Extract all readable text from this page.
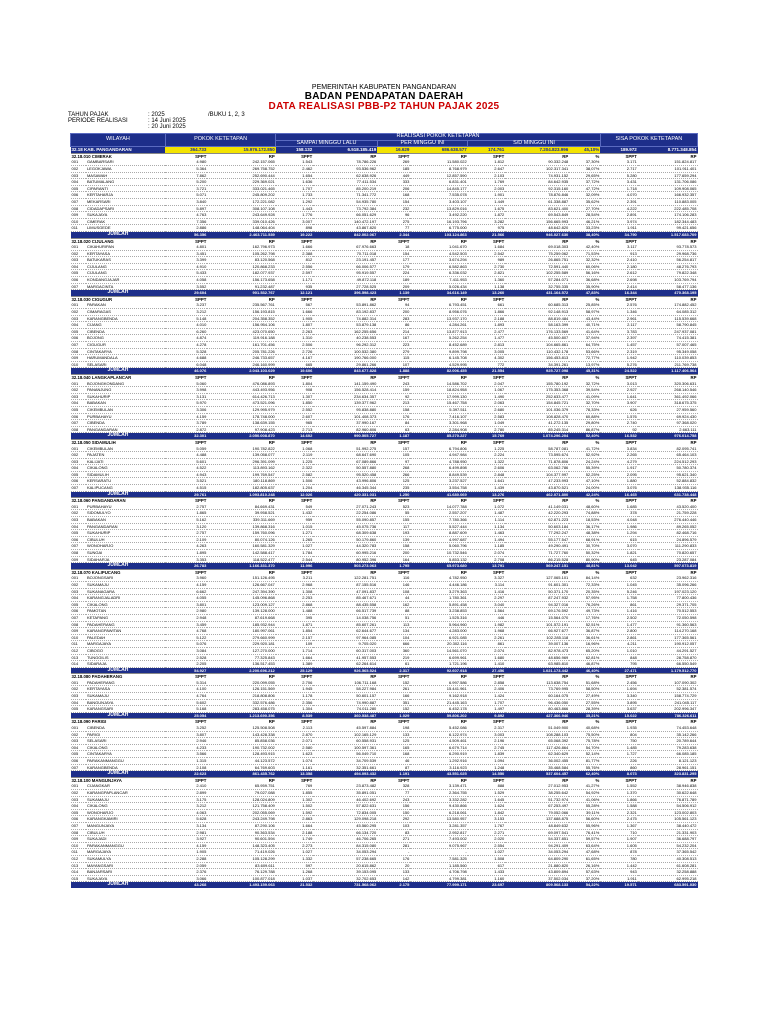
PEMERINTAH KABUPATEN PANGANDARAN
BADAN PENDAPATAN DAERAH
DATA REALISASI PBB-P2 TAHUN PAJAK 2025
TAHUN PAJAK	: 2025
PERIODE REALISASI	: 14 Juni 2025
: 20 Juni 2025
/BUKU 1, 2, 3
WILAYAH		POKOK KETETAPAN		REALISASI POKOK KETETAPAN							SISA POKOK KETETAPAN	
				SAMPAI MINGGU LALU		PER MINGGU INI		S/D MINGGU INI				
32.18 KAB. PANGANDARAN		364.733	15.976.172.850	158.132	6.518.185.419	16.629	686.638.577	174.761	7.204.823.996	45,10%	189.972	8.771.348.854
32.18.010 CIMERAK		SPPT	RP	SPPT	RP	SPPT	RP	SPPT	RP	%	SPPT	RP
001	GAMBARSARI	4.980	242.157.065	1.543	78.786.226	269	11.580.022	1.812	90.332.248	37,30%	3.171	151.824.817
002	LEGOKJAWA	5.364	269.758.752	2.462	93.536.962	185	8.768.979	2.647	102.317.341	38,07%	2.717	101.911.401
003	MASAWAH	7.862	252.690.444	1.654	62.638.926	449	12.857.590	2.103	74.931.152	29,65%	5.280	177.659.294
004	BATUMALANG	5.200	229.369.021	1.636	77.411.534	333	6.831.401	1.769	84.642.935	37,72%	3.431	131.706.086
005	CIPARANTI	3.721	333.021.465	1.707	85.200.219	206	14.845.177	2.003	92.315.160	47,72%	1.718	109.908.065
006	KERTAHARJA	5.071	245.809.202	1.733	71.341.772	168	7.535.078	1.901	78.876.846	32,09%	4.070	166.932.357
007	MEKARSARI	3.840	172.221.082	1.292	54.935.780	154	3.403.107	1.449	61.338.887	35,62%	2.391	110.883.005
008	CIDADAPSARI	5.897	308.107.108	1.443	73.792.384	232	13.829.016	1.675	83.621.400	27,70%	4.222	222.485.708
009	SUKAJAYA	4.763	243.649.928	1.776	66.051.629	96	3.492.220	1.872	69.543.849	28,54%	2.891	174.106.283
010	CIMERAK	7.356	339.010.426	3.007	140.472.197	275	16.193.796	3.282	156.665.993	46,21%	3.974	182.344.483
011	LIMUSGEDE	2.886	148.064.404	898	43.867.820	77	6.775.000	975	48.642.820	33,23%	1.911	99.421.656
JUMLAH		56.356	2.463.711.539	19.222	842.002.067	2.344	103.124.863	21.566	946.027.630	38,40%	34.790	1.517.683.709
32.18.020 CIJULANG		SPPT	RP	SPPT	RP	SPPT	RP	SPPT	RP	%	SPPT	RP
001	CIKAHURIPAN	4.801	162.796.973	1.666	67.976.663	18	1.041.670	1.684	69.018.303	42,40%	3.117	93.778.573
002	KERTAYASA	3.451	105.262.798	2.388	70.711.018	154	4.542.503	2.542	75.259.062	71,53%	913	29.968.736
003	BATUKARAS	3.399	83.120.568	812	23.191.457	177	3.674.294	989	26.865.751	32,32%	2.410	56.254.817
004	CIJULANG	4.910	120.868.233	2.556	66.006.577	179	6.582.863	2.730	72.591.440	60,06%	2.180	48.276.793
005	CIJULANG	5.433	182.077.937	2.597	95.919.557	224	6.336.032	2.821	102.255.589	56,16%	2.612	79.822.348
006	KONDANGJAJAR	4.058	156.173.658	1.171	49.872.118	189	7.411.953	1.360	57.284.071	36,68%	2.698	103.769.794
007	MARGACINTA	3.552	91.232.487	935	27.728.525	209	5.026.434	1.138	32.755.335	35,90%	2.414	58.477.136
JUMLAH		29.604	901.532.767	12.121	396.598.423	1.139	34.616.149	13.260	431.164.572	47,83%	16.344	470.368.195
32.18.030 CIGUGUR		SPPT	RP	SPPT	RP	SPPT	RP	SPPT	RP	%	SPPT	RP
001	PARAKAN	3.237	235.567.761	567	53.891.862	94	6.793.451	661	60.685.313	25,85%	2.576	174.882.452
002	CIMARAGAS	3.212	156.193.815	1.666	83.192.837	200	8.956.076	1.866	92.148.913	58,97%	1.346	64.085.312
003	KARANGBENDA	5.148	204.358.352	1.905	74.882.314	283	13.937.170	2.188	88.819.484	43,44%	2.961	115.539.668
004	CIJANG	4.010	156.954.106	1.807	53.879.138	86	4.284.261	1.893	58.163.399	40,71%	2.117	58.790.845
005	CIBENDA	6.260	423.070.650	2.263	162.255.656	214	13.877.913	2.477	176.133.569	41,64%	3.783	247.937.081
006	BOJONG	4.874	119.916.188	1.310	40.238.553	167	5.262.254	1.477	45.500.807	37,94%	2.397	74.415.381
007	CIGUGUR	4.278	161.701.456	2.506	96.292.312	223	8.452.689	2.813	104.665.861	64,75%	1.457	57.007.465
008	CINTAKARYA	5.328	205.781.226	2.726	100.532.380	279	9.899.798	3.005	110.432.178	53,66%	2.319	95.349.058
009	HARUMANDALA	4.688	246.733.657	4.167	190.766.000	115	6.145.708	4.302	156.453.813	72,77%	1.942	110.039.853
010	SELASARI	6.048	246.160.999	665	29.861.266	107	4.529.995	772	34.391.261	13,97%	5.276	211.769.738
JUMLAH		46.076	2.043.103.029	19.606	843.677.828	1.888	82.006.455	21.554	925.727.098	45,31%	24.522	1.117.406.564
32.18.040 LANGKAPLANCAR		SPPT	RP	SPPT	RP	SPPT	RP	SPPT	RP	%	SPPT	RP
001	BOJONGKONDANG	5.060	476.086.893	1.804	141.159.490	243	14.586.702	2.047	155.780.192	32,72%	3.013	320.306.631
002	PANANJUNG	3.998	443.493.956	908	156.528.414	159	18.824.958	1.067	175.353.368	39,54%	2.927	268.140.546
003	SUKAHURIP	3.131	614.426.713	1.307	234.634.357	92	17.999.130	1.490	252.633.477	41,09%	1.641	361.492.066
004	BABAKAN	5.970	473.521.096	1.850	139.377.962	213	15.467.758	2.063	154.845.721	32,70%	3.907	318.675.375
005	CIKEMBULAN	3.306	129.995.979	2.552	95.838.880	158	5.397.511	2.680	101.036.379	78,33%	626	27.959.560
006	PURBAHAYU	4.159	178.748.000	2.607	101.408.373	176	7.416.107	2.583	108.828.470	60,88%	1.576	69.924.430
007	CIBENDA	3.789	138.639.155	965	37.990.167	84	3.301.968	1.049	41.272.135	29,80%	2.740	97.368.020
008	PANGANDARAN	2.872	97.908.423	2.713	82.960.806	63	2.284.908	2.780	85.245.314	86,87%	92	2.663.111
JUMLAH		32.301	2.050.008.870	14.602	990.505.727	1.187	85.270.227	15.769	1.074.296.204	52,40%	16.532	976.014.758
32.18.050 SIDAMULIH		SPPT	RP	SPPT	RP	SPPT	RP	SPPT	RP	%	SPPT	RP
001	CIKEMBULAN	5.059	190.782.822	1.068	51.992.275	157	6.794.806	1.225	58.787.081	41,72%	3.834	82.095.741
002	PAJATEN	4.488	139.058.077	2.119	68.647.690	105	4.947.984	2.224	73.595.674	52,92%	2.265	65.464.103
003	KALIJATI	5.601	296.391.099	1.225	67.089.866	97	4.788.950	1.322	71.878.806	24,24%	4.279	224.512.293
004	CIKALONG	4.522	113.893.162	2.322	50.557.880	268	6.499.898	2.606	63.062.786	55,39%	1.917	50.780.374
005	SIDAMULIH	4.943	199.769.547	2.582	95.520.458	266	8.849.539	2.848	104.377.997	52,25%	2.095	95.621.340
006	KERSARATU	3.521	180.118.869	1.506	43.996.806	125	3.237.527	1.641	47.233.993	47,10%	1.880	52.884.832
007	KALIPUCANG	4.515	182.805.637	1.204	46.345.344	235	3.554.758	1.439	43.870.521	24,00%	3.076	138.935.116
JUMLAH		29.761	1.093.810.248	12.026	420.331.031	1.250	41.680.069	13.276	462.071.800	42,24%	16.465	631.738.448
32.18.060 PANGANDARAN		SPPT	RP	SPPT	RP	SPPT	RP	SPPT	RP	%	SPPT	RP
001	PURBAHAYU	2.757	84.669.431	549	27.071.243	523	14.077.788	1.072	41.149.031	48,60%	1.685	43.520.400
002	SIDOMULYO	1.865	39.958.521	1.432	22.254.086	55	2.557.207	1.487	42.220.293	74,88%	378	21.759.228
003	BABAKAN	5.162	339.311.669	959	55.090.857	155	7.780.366	1.114	62.871.223	18,53%	4.048	276.440.446
004	PANGANDARAN	3.120	139.868.316	1.015	45.075.736	117	5.527.444	1.134	50.603.184	36,17%	1.986	89.265.052
005	SUKAHURIP	2.757	159.760.096	1.271	68.309.638	193	8.887.609	1.463	77.292.247	48,38%	1.294	82.468.716
006	CIBULUH	2.109	80.074.126	1.265	50.179.860	139	4.997.687	1.494	55.177.547	68,91%	615	24.896.579
007	WONOHARJO	4.263	160.581.329	1.027	44.320.783	158	5.060.796	1.185	49.290.491	30,70%	3.070	111.290.833
008	SUNGAI	1.895	142.588.417	1.784	60.995.216	200	10.732.546	2.074	71.727.760	50,32%	1.821	70.820.657
009	SIDAHARJA	3.353	118.522.477	2.544	80.952.396	164	5.853.132	2.708	86.215.528	80,90%	645	23.287.084
JUMLAH		26.783	1.166.331.370	11.996	503.273.063	1.795	65.973.680	13.791	569.247.151	48,81%	13.042	597.073.819
32.18.070 KALIPUCANG		SPPT	RP	SPPT	RP	SPPT	RP	SPPT	RP	%	SPPT	RP
001	BOJONGSARI	3.960	151.126.495	3.211	122.281.751	116	4.782.950	3.327	127.065.101	84,14%	632	23.962.316
002	SUKAMAJU	4.159	126.667.047	2.968	87.155.516	146	4.446.186	3.114	91.601.301	72,33%	1.045	35.096.266
003	SUKANAGARA	6.662	247.394.390	1.308	47.091.837	108	3.279.363	1.416	50.371.170	20,35%	5.246	197.023.120
004	KARANGJALADRI	4.055	145.096.868	2.253	85.467.671	44	1.780.361	2.297	87.247.932	57,95%	1.758	77.800.436
005	CIKALONG	3.801	123.009.127	2.868	88.435.558	162	5.891.458	3.040	94.327.016	76,26%	861	29.371.705
006	PAMOTAN	2.980	139.128.000	1.488	66.517.739	88	3.238.853	1.564	69.176.592	49,73%	1.416	70.512.553
007	KETAPANG	2.948	87.619.668	395	14.038.756	51	1.525.316	446	15.564.070	17,76%	2.502	72.050.598
008	PADAHERANG	3.459	185.932.944	1.871	85.607.261	113	5.964.960	1.982	101.572.191	52,51%	1.477	91.360.563
009	KARANGPAWITAN	4.768	180.997.061	1.854	62.644.677	134	4.283.000	1.968	66.927.677	36,87%	2.800	114.270.168
010	PALEDAH	5.122	279.660.999	2.157	97.964.085	104	6.921.085	2.261	102.285.118	36,61%	2.861	177.365.561
011	MARGAJAYA	5.076	229.920.181	109	9.705.020	666	20.302.116	861	39.007.136	16,96%	4.211	190.912.057
012	CIBOGO	3.084	127.270.000	1.714	60.317.003	360	14.561.070	2.074	82.978.473	65,20%	1.010	44.291.527
013	TUNGGILIS	2.528	77.325.843	1.664	41.957.553	219	6.699.961	1.680	48.656.969	62,81%	848	28.758.870
014	SIDARAJA	2.205	136.517.453	1.389	62.264.614	61	1.721.196	1.410	63.985.810	46,87%	795	66.550.549
JUMLAH		54.927	2.200.696.212	25.129	926.565.524	2.317	92.607.918	27.456	1.021.173.442	46,40%	27.471	1.179.512.770
32.18.080 PADAHERANG		SPPT	RP	SPPT	RP	SPPT	RP	SPPT	RP	%	SPPT	RP
001	PADAHERANG	5.314	220.099.055	2.706	106.711.168	152	6.997.586	2.858	113.638.754	51,68%	2.456	107.090.302
002	KERTAYASA	4.100	126.151.569	1.945	58.227.984	261	15.441.961	2.406	73.769.995	58,50%	1.694	52.381.574
003	SUKAMAJU	4.764	218.808.806	1.178	50.601.157	166	9.162.918	1.424	60.164.075	27,49%	3.340	158.774.729
004	BANGUNJAYA	5.602	332.576.486	2.356	74.990.887	351	21.445.163	1.707	96.436.050	27,55%	3.895	241.045.117
005	KARANGSARI	5.168	283.458.075	1.304	74.011.280	152	6.452.178	1.497	80.463.866	28,39%	3.637	202.996.347
JUMLAH		25.054	1.213.690.356	8.539	360.538.487	1.029	59.806.202	9.892	427.366.946	35,21%	15.022	786.326.611
32.18.090 PARIGI		SPPT	RP	SPPT	RP	SPPT	RP	SPPT	RP	%	SPPT	RP
001	CIBENDA	3.252	125.508.508	2.113	45.597.884	198	5.452.086	2.317	51.049.900	40,68%	1.935	74.453.648
002	PARIGI	3.807	143.428.338	2.870	102.165.129	133	6.122.974	3.003	108.288.103	75,50%	804	35.142.266
003	SELASARI	2.946	85.858.036	2.071	60.558.931	125	4.509.461	2.196	65.068.392	75,78%	750	20.789.644
004	CIKALONG	4.233	190.732.002	2.580	100.597.361	165	6.679.714	2.745	117.426.864	54,70%	1.485	79.283.638
005	CINTAKARYA	3.566	128.493.915	1.623	56.049.710	168	6.290.919	1.839	62.340.629	52,14%	1.727	66.085.185
006	PARAKANMANGGU	1.315	44.123.572	1.074	34.709.539	46	1.292.916	1.094	36.002.455	81,77%	226	8.121.123
007	KARANGBENDA	2.108	64.769.603	1.161	32.351.661	87	3.116.923	1.248	35.468.584	55,76%	860	28.961.151
JUMLAH		22.623	861.435.762	13.358	494.093.432	1.191	43.551.025	14.550	537.604.457	62,40%	8.073	323.831.295
32.18.100 MANGUNJAYA		SPPT	RP	SPPT	RP	SPPT	RP	SPPT	RP	%	SPPT	RP
001	CIJANGKAR	2.410	65.959.751	769	23.873.482	328	3.139.471	888	27.012.953	41,27%	1.552	38.946.838
002	KARANGPAPLANCAR	2.899	79.027.088	1.855	35.891.051	77	2.364.755	1.529	38.255.642	54,92%	1.370	30.622.648
003	SUKAMAJU	3.175	128.024.809	1.302	46.402.692	243	3.332.282	1.645	51.732.974	41,06%	1.866	76.871.789
004	CIKALONG	3.212	121.758.409	1.502	57.822.631	156	9.430.866	1.624	67.253.497	55,28%	1.588	54.506.912
005	WONOHARJO	4.063	202.055.069	1.592	72.834.005	150	6.218.061	1.842	79.052.066	39,11%	2.321	123.002.803
006	KARANGKAMIRI	5.628	243.249.798	2.863	129.098.218	292	13.580.957	3.153	137.688.875	56,60%	2.475	105.561.123
007	MANGUNJAYA	3.134	87.290.106	1.664	45.560.295	103	3.281.357	1.767	48.849.632	55,96%	1.367	38.440.472
008	CIBULUH	2.981	90.363.534	2.188	66.134.720	83	2.952.817	2.271	69.097.541	76,41%	710	21.331.903
009	SUKAJADI	3.927	90.601.594	1.749	46.706.265	271	7.493.002	2.020	54.337.851	59,57%	1.907	36.688.797
010	PARAKANMANGGU	4.159	148.323.405	2.273	84.315.080	281	9.075.967	2.554	94.291.409	63,64%	1.605	54.232.204
011	MARGAJAYA	1.905	71.419.026	1.027	34.053.294	-	-	1.027	34.053.294	47,68%	878	37.365.542
012	SUKAMULYA	2.288	105.128.299	1.332	57.238.665	176	7.581.325	1.508	64.809.290	61,65%	780	40.308.513
013	MAYANGSARI	2.059	83.609.611	597	20.615.862	20	1.185.560	617	21.880.820	26,16%	1.442	61.608.281
014	BANJARSARI	2.376	76.129.788	1.268	39.153.095	133	4.706.798	1.433	43.809.894	57,63%	943	32.258.888
015	SUKAJAYA	3.066	100.877.018	1.037	32.702.653	142	4.799.381	1.160	37.502.034	37,20%	1.911	62.995.218
JUMLAH		43.268	1.493.159.063	21.532	731.568.062	2.175	77.999.171	23.697	809.568.133	54,22%	19.571	683.591.030
